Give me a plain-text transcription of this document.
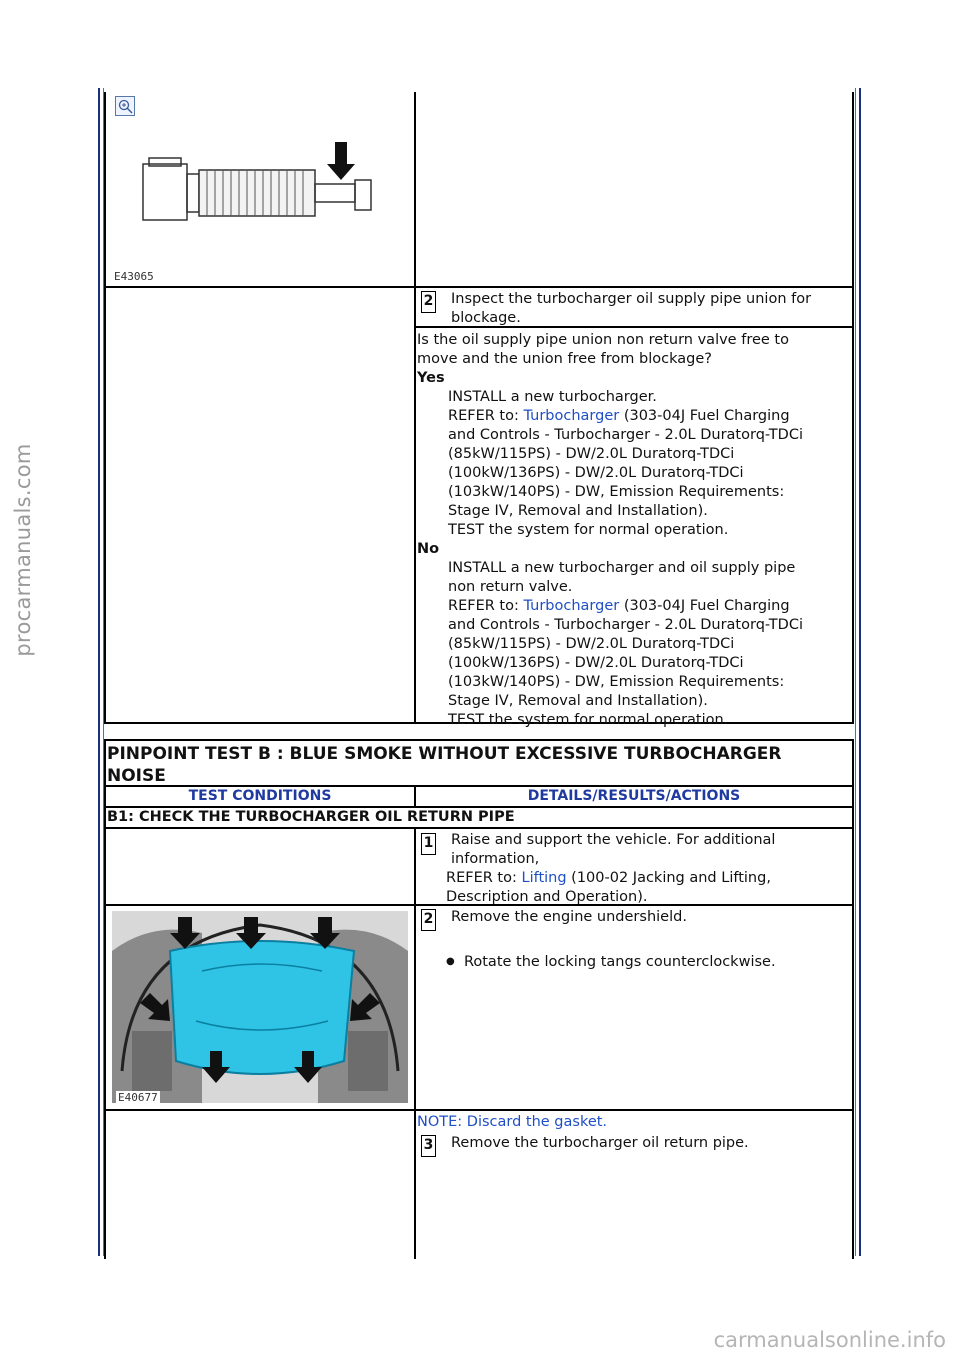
procarmanuals.com
carmanualsonline.info
E43065
2 Inspect the turbocharger oil supply pipe union for
blockage.
Is the oil supply pipe union non return valve free to
move and the union free from blockage?
Yes
INSTALL a new turbocharger.
REFER to: Turbocharger (303-04J Fuel Charging
and Controls - Turbocharger - 2.0L Duratorq-TDCi
(85kW/115PS) - DW/2.0L Duratorq-TDCi
(100kW/136PS) - DW/2.0L Duratorq-TDCi
(103kW/140PS) - DW, Emission Requirements:
Stage IV, Removal and Installation).
TEST the system for normal operation.
No
INSTALL a new turbocharger and oil supply pipe
non return valve.
REFER to: Turbocharger (303-04J Fuel Charging
and Controls - Turbocharger - 2.0L Duratorq-TDCi
(85kW/115PS) - DW/2.0L Duratorq-TDCi
(100kW/136PS) - DW/2.0L Duratorq-TDCi
(103kW/140PS) - DW, Emission Requirements:
Stage IV, Removal and Installation).
TEST the system for normal operation.
PINPOINT TEST B : BLUE SMOKE WITHOUT EXCESSIVE TURBOCHARGER
NOISE
TEST CONDITIONS	DETAILS/RESULTS/ACTIONS
B1: CHECK THE TURBOCHARGER OIL RETURN PIPE
1 Raise and support the vehicle. For additional
information,
REFER to: Lifting (100-02 Jacking and Lifting,
Description and Operation).
E40677
2 Remove the engine undershield.
● Rotate the locking tangs counterclockwise.
NOTE: Discard the gasket.
3 Remove the turbocharger oil return pipe.
